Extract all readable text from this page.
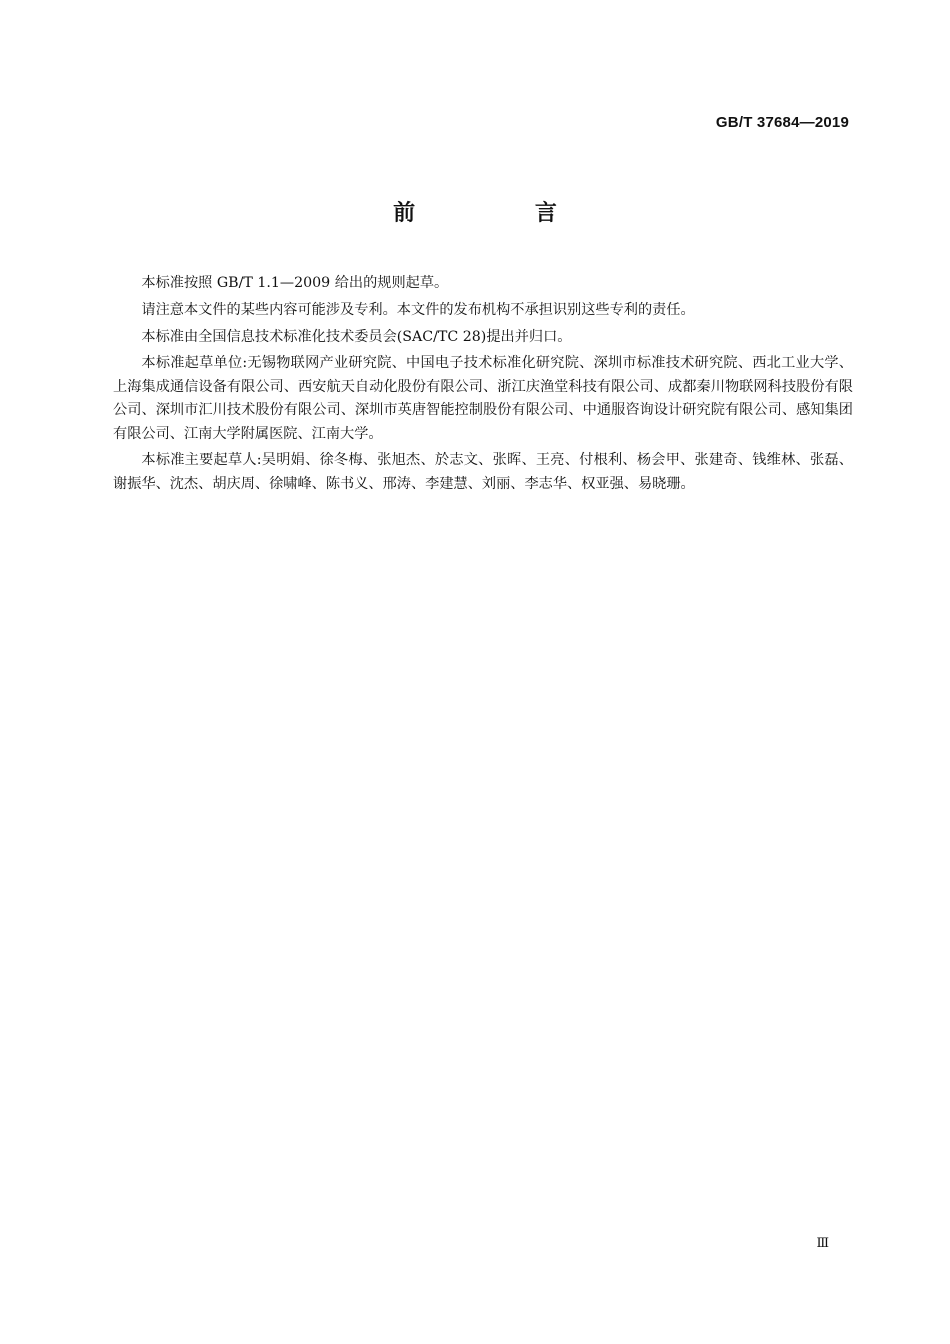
GB/T 37684—2019
前 言

本标准按照 GB/T 1.1—2009 给出的规则起草。

请注意本文件的某些内容可能涉及专利。本文件的发布机构不承担识别这些专利的责任。

本标准由全国信息技术标准化技术委员会(SAC/TC 28)提出并归口。

本标准起草单位:无锡物联网产业研究院、中国电子技术标准化研究院、深圳市标准技术研究院、西北工业大学、上海集成通信设备有限公司、西安航天自动化股份有限公司、浙江庆渔堂科技有限公司、成都秦川物联网科技股份有限公司、深圳市汇川技术股份有限公司、深圳市英唐智能控制股份有限公司、中通服咨询设计研究院有限公司、感知集团有限公司、江南大学附属医院、江南大学。

本标准主要起草人:吴明娟、徐冬梅、张旭杰、於志文、张晖、王亮、付根利、杨会甲、张建奇、钱维林、张磊、谢振华、沈杰、胡庆周、徐啸峰、陈书义、邢涛、李建慧、刘丽、李志华、权亚强、易晓珊。

Ⅲ
